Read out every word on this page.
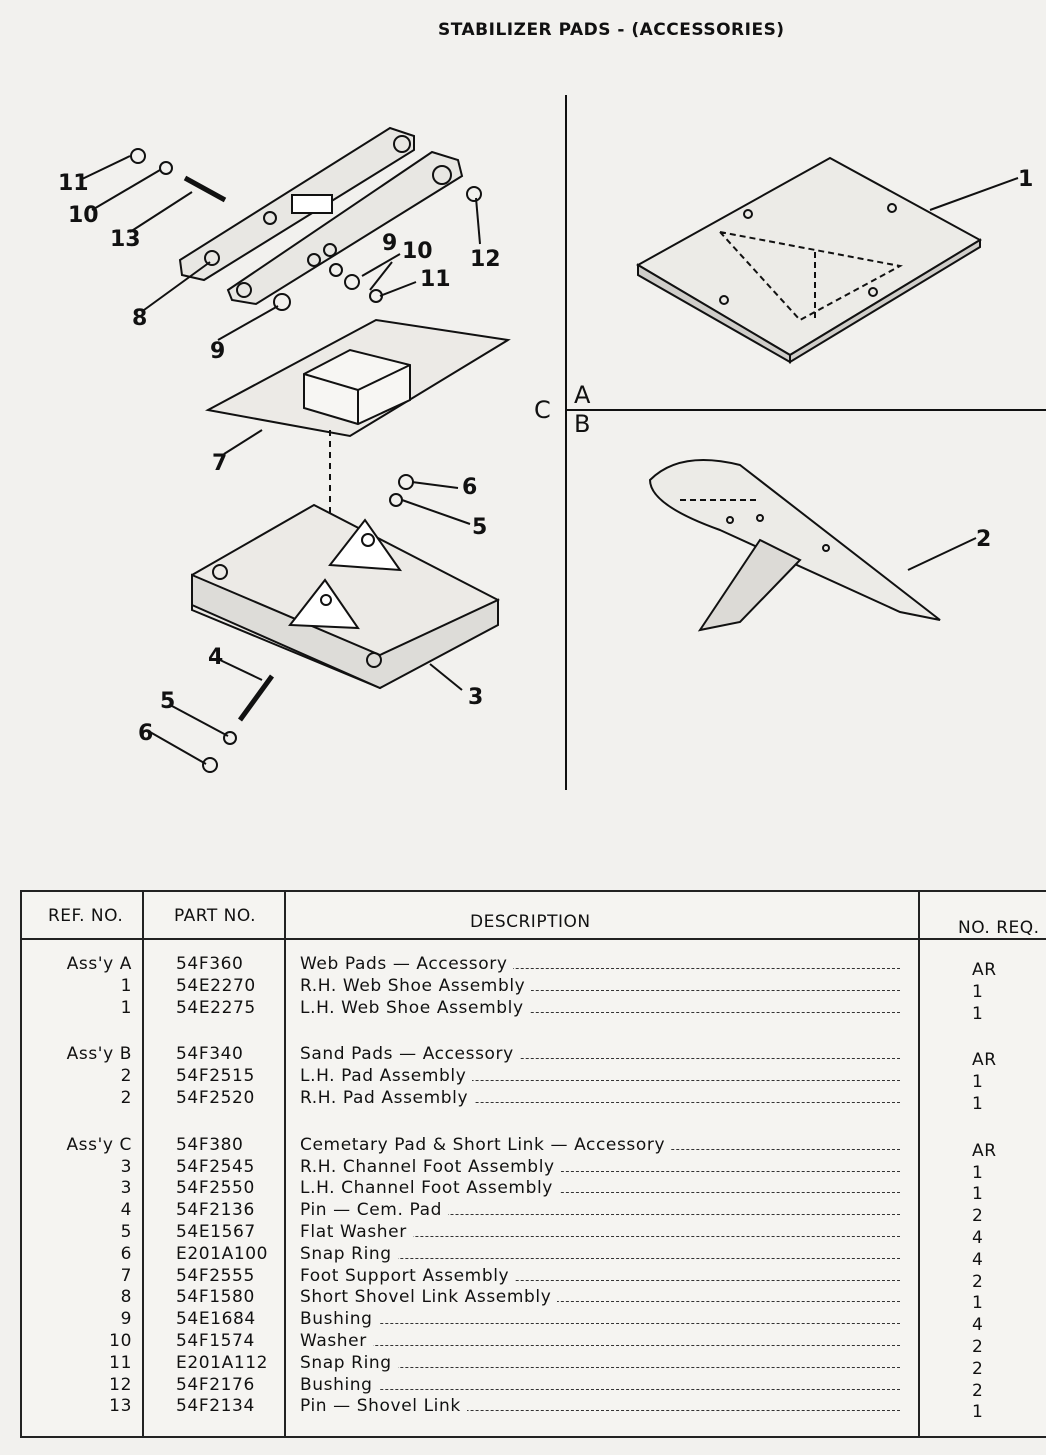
STABILIZER PADS - (ACCESSORIES)
11
10
13
8
9
9 10
11
12
7
6
5
4
3
5
6
1
2
A
B
C
REF. NO.
Ass'y A
1
1
Ass'y B
2
2
Ass'y C
3
3
4
5
6
7
8
9
10
11
12
13
PART NO.
54F360
54E2270
54E2275
54F340
54F2515
54F2520
54F380
54F2545
54F2550
54F2136
54E1567
E201A100
54F2555
54F1580
54E1684
54F1574
E201A112
54F2176
54F2134
DESCRIPTION
Web Pads — Accessory
R.H. Web Shoe Assembly
L.H. Web Shoe Assembly
Sand Pads — Accessory
L.H. Pad Assembly
R.H. Pad Assembly
Cemetary Pad & Short Link — Accessory
R.H. Channel Foot Assembly
L.H. Channel Foot Assembly
Pin — Cem. Pad
Flat Washer
Snap Ring
Foot Support Assembly
Short Shovel Link Assembly
Bushing
Washer
Snap Ring
Bushing
Pin — Shovel Link
NO. REQ.
AR
1
1
AR
1
1
AR
1
1
2
4
4
2
1
4
2
2
2
1
